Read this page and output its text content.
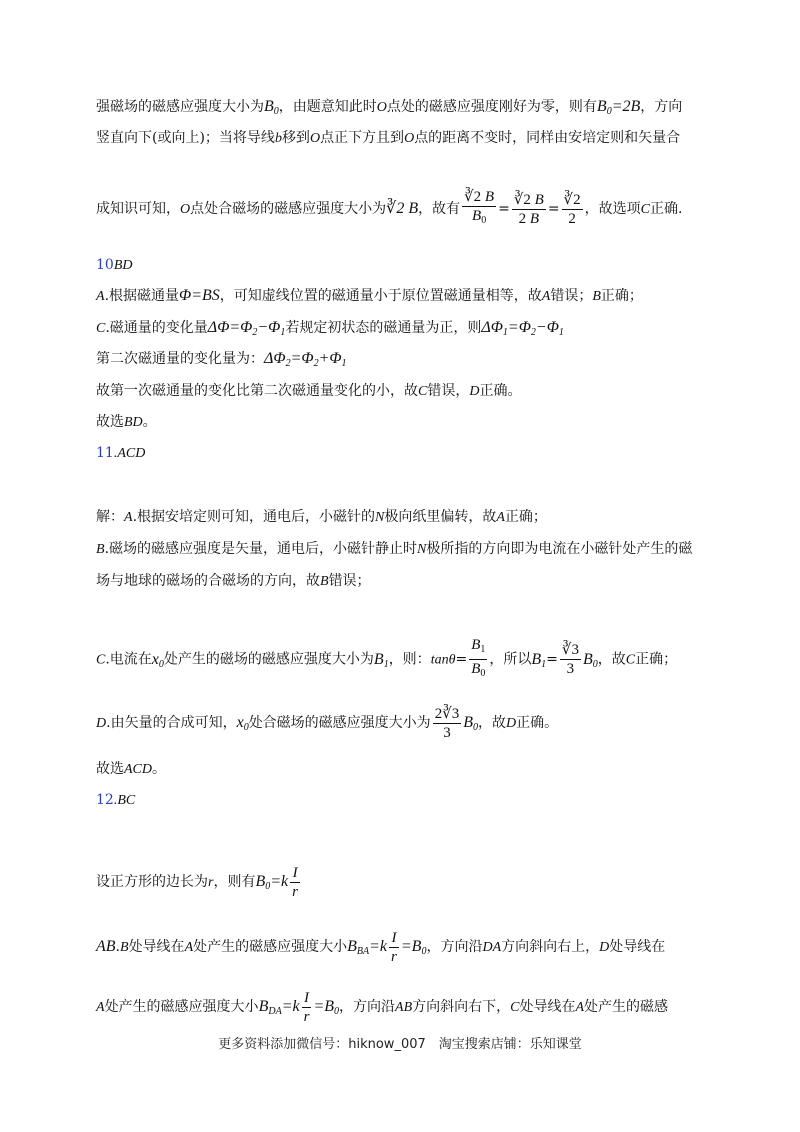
强磁场的磁感应强度大小为$B_0$，由题意知此时O点处的磁感应强度刚好为零，则有$B_0=2B$，方向
竖直向下(或向上)；当将导线b移到O点正下方且到O点的距离不变时，同样由安培定则和矢量合
成知识可知，O点处合磁场的磁感应强度大小为∛2 B，故有 $\frac{∛2 B}{B_0} = \frac{∛2 B}{2 B} = \frac{∛2}{2}$ ，故选项C正确.
10BD
A.根据磁通量Φ=BS，可知虚线位置的磁通量小于原位置磁通量相等，故A错误；B正确；
C.磁通量的变化量$\Delta\Phi=\Phi_2-\Phi_1$若规定初状态的磁通量为正，则$\Delta\Phi_1=\Phi_2-\Phi_1$
第二次磁通量的变化量为：$\Delta\Phi_2=\Phi_2+\Phi_1$
故第一次磁通量的变化比第二次磁通量变化的小，故C错误，D正确。
故选BD。
11.ACD
解：A.根据安培定则可知，通电后，小磁针的N极向纸里偏转，故A正确；
B.磁场的磁感应强度是矢量，通电后，小磁针静止时N极所指的方向即为电流在小磁针处产生的磁
场与地球的磁场的合磁场的方向，故B错误；
C.电流在$x_0$处产生的磁场的磁感应强度大小为$B_1$，则：$\tan\theta= \frac{B_1}{B_0}$ ，所以$B_1= \frac{∛3}{3} B_0$，故C正确；
D.由矢量的合成可知，$x_0$处合磁场的磁感应强度大小为 $\frac{2∛3}{3} B_0$，故D正确。
故选ACD。
12.BC
设正方形的边长为r，则有$B_0=k \frac{I}{r}$
AB.B处导线在A处产生的磁感应强度大小$B_{BA}=k \frac{I}{r} =B_0$，方向沿DA方向斜向右上，D处导线在
A处产生的磁感应强度大小$B_{DA}=k \frac{I}{r} =B_0$，方向沿AB方向斜向右下，C处导线在A处产生的磁感
更多资料添加微信号：hiknow_007　淘宝搜索店铺：乐知课堂
